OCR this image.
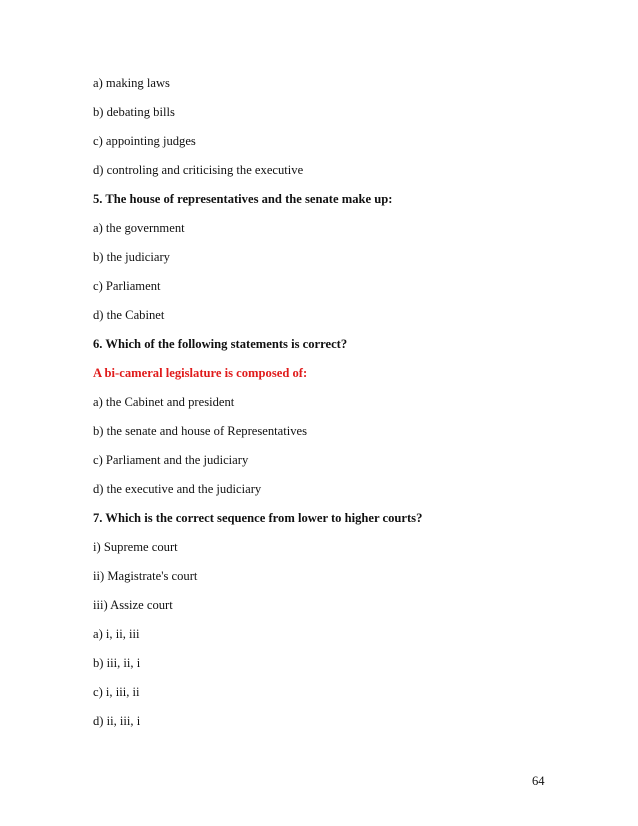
a) making laws

b) debating bills

c) appointing judges

d) controling and criticising the executive

5. The house of representatives and the senate make up:

a) the government

b) the judiciary

c) Parliament

d) the Cabinet

6. Which of the following statements is correct?

A bi-cameral legislature is composed of:

a) the Cabinet and president

b) the senate and house of Representatives

c) Parliament and the judiciary

d) the executive and the judiciary

7. Which is the correct sequence from lower to higher courts?

i) Supreme court

ii) Magistrate's court

iii) Assize court

a) i, ii, iii

b) iii, ii, i

c) i, iii, ii

d) ii, iii, i

64
